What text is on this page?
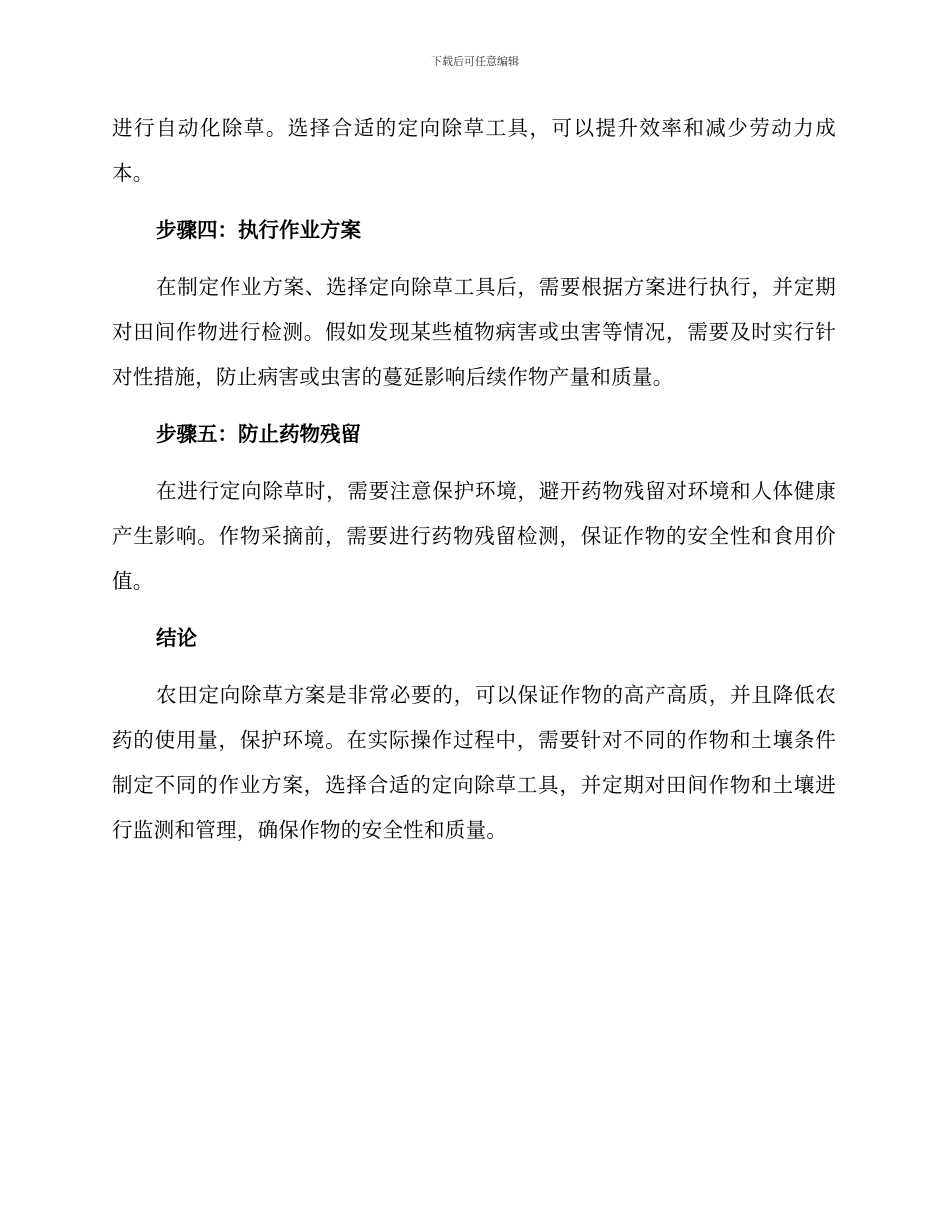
下载后可任意编辑

进行自动化除草。选择合适的定向除草工具，可以提升效率和减少劳动力成本。

步骤四：执行作业方案

在制定作业方案、选择定向除草工具后，需要根据方案进行执行，并定期对田间作物进行检测。假如发现某些植物病害或虫害等情况，需要及时实行针对性措施，防止病害或虫害的蔓延影响后续作物产量和质量。

步骤五：防止药物残留

在进行定向除草时，需要注意保护环境，避开药物残留对环境和人体健康产生影响。作物采摘前，需要进行药物残留检测，保证作物的安全性和食用价值。

结论

农田定向除草方案是非常必要的，可以保证作物的高产高质，并且降低农药的使用量，保护环境。在实际操作过程中，需要针对不同的作物和土壤条件制定不同的作业方案，选择合适的定向除草工具，并定期对田间作物和土壤进行监测和管理，确保作物的安全性和质量。
